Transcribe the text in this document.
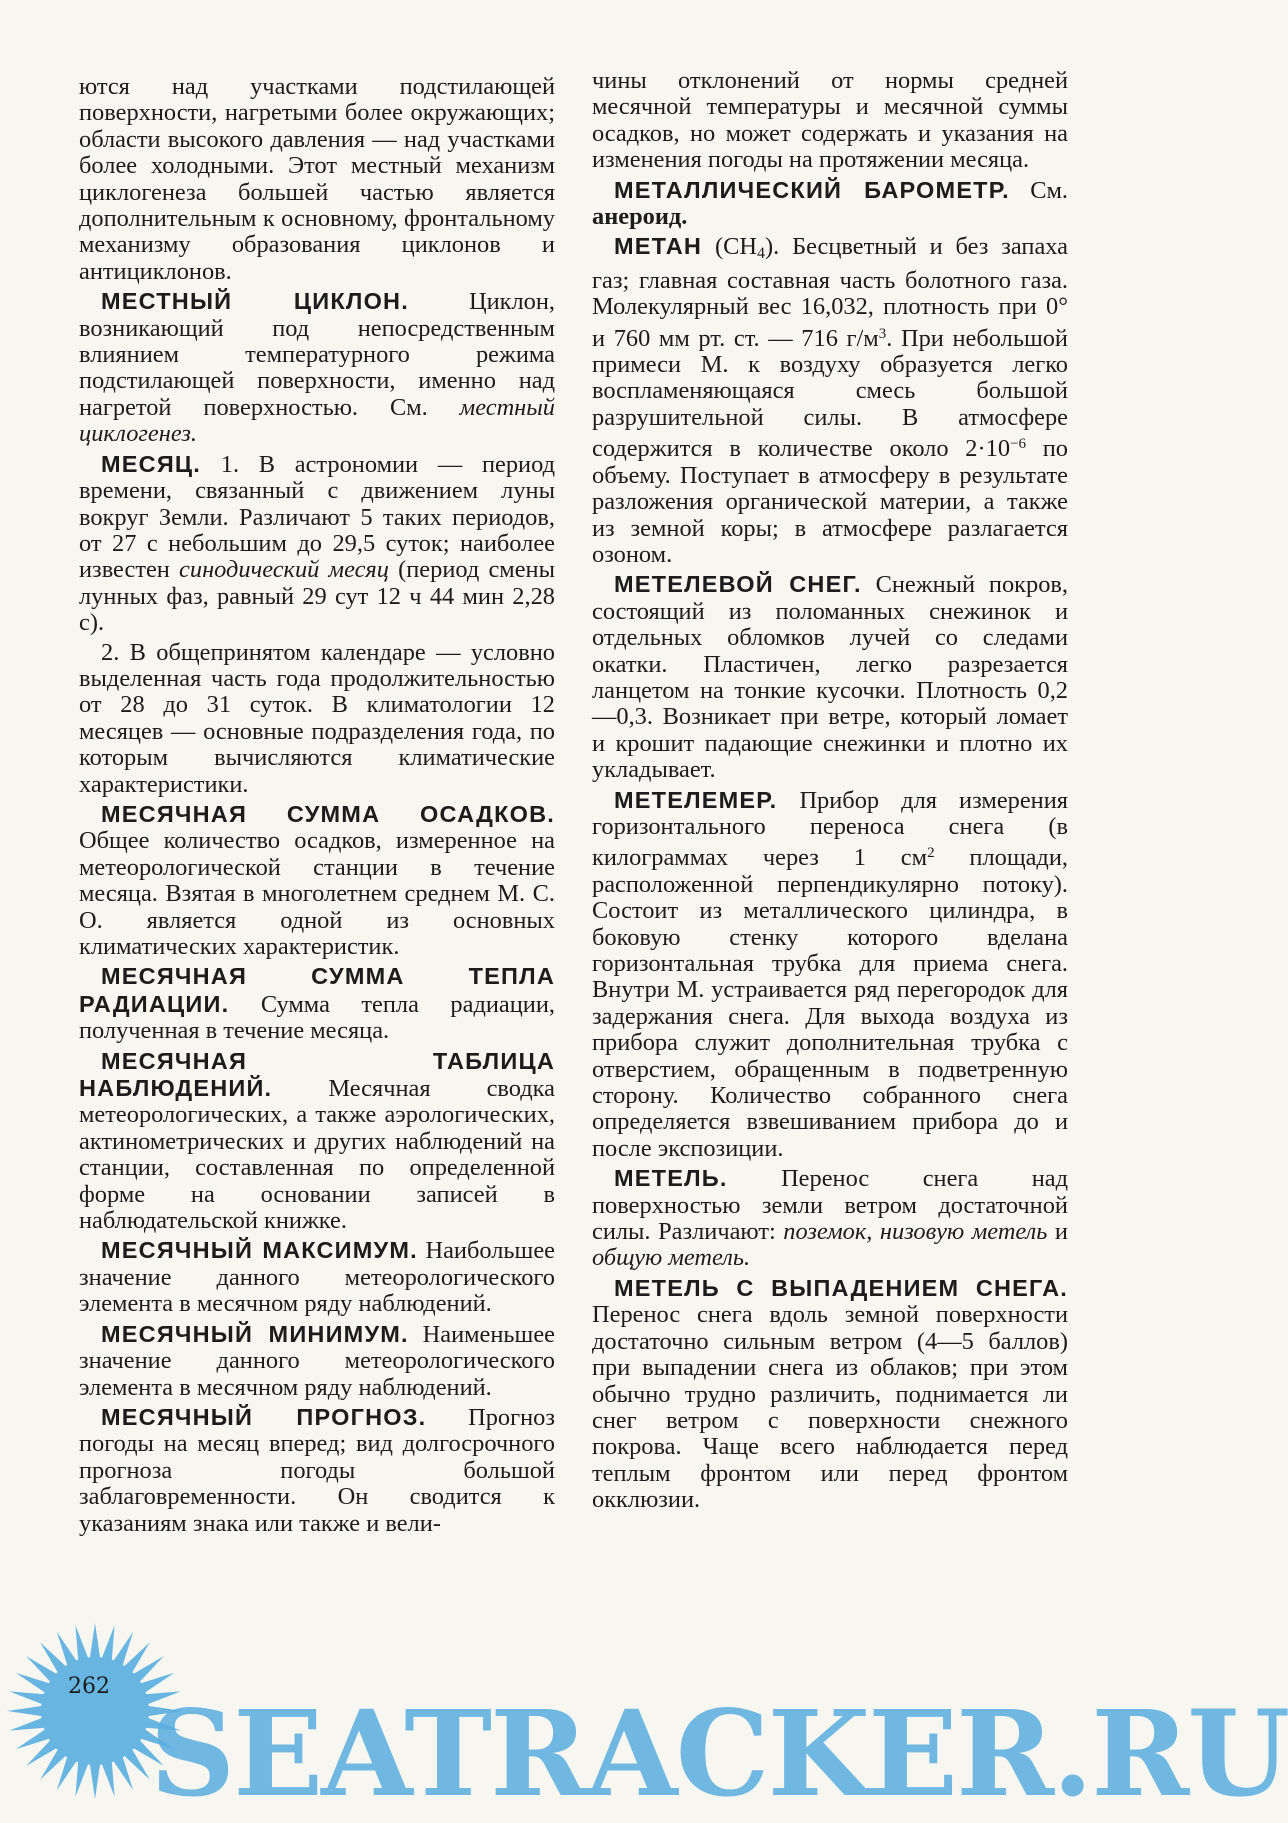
ются над участками подстилающей поверхности, нагретыми более окружающих; области высокого давления — над участками более холодными. Этот местный механизм циклогенеза большей частью является дополнительным к основному, фронтальному механизму образования циклонов и антициклонов.

МЕСТНЫЙ ЦИКЛОН. Циклон, возникающий под непосредственным влиянием температурного режима подстилающей поверхности, именно над нагретой поверхностью. См. местный циклогенез.

МЕСЯЦ. 1. В астрономии — период времени, связанный с движением луны вокруг Земли. Различают 5 таких периодов, от 27 с небольшим до 29,5 суток; наиболее известен синодический месяц (период смены лунных фаз, равный 29 сут 12 ч 44 мин 2,28 с).

2. В общепринятом календаре — условно выделенная часть года продолжительностью от 28 до 31 суток. В климатологии 12 месяцев — основные подразделения года, по которым вычисляются климатические характеристики.

МЕСЯЧНАЯ СУММА ОСАДКОВ. Общее количество осадков, измеренное на метеорологической станции в течение месяца. Взятая в многолетнем среднем М. С. О. является одной из основных климатических характеристик.

МЕСЯЧНАЯ СУММА ТЕПЛА РАДИАЦИИ. Сумма тепла радиации, полученная в течение месяца.

МЕСЯЧНАЯ ТАБЛИЦА НАБЛЮДЕНИЙ. Месячная сводка метеорологических, а также аэрологических, актинометрических и других наблюдений на станции, составленная по определенной форме на основании записей в наблюдательской книжке.

МЕСЯЧНЫЙ МАКСИМУМ. Наибольшее значение данного метеорологического элемента в месячном ряду наблюдений.

МЕСЯЧНЫЙ МИНИМУМ. Наименьшее значение данного метеорологического элемента в месячном ряду наблюдений.

МЕСЯЧНЫЙ ПРОГНОЗ. Прогноз погоды на месяц вперед; вид долгосрочного прогноза погоды большой заблаговременности. Он сводится к указаниям знака или также и вели-

чины отклонений от нормы средней месячной температуры и месячной суммы осадков, но может содержать и указания на изменения погоды на протяжении месяца.

МЕТАЛЛИЧЕСКИЙ БАРОМЕТР. См. анероид.

МЕТАН $(CH_4)$. Бесцветный и без запаха газ; главная составная часть болотного газа. Молекулярный вес 16,032, плотность при 0° и 760 мм рт. ст. — 716 $г/м^3$. При небольшой примеси М. к воздуху образуется легко воспламеняющаяся смесь большой разрушительной силы. В атмосфере содержится в количестве около $2\cdot 10^{-6}$ по объему. Поступает в атмосферу в результате разложения органической материи, а также из земной коры; в атмосфере разлагается озоном.

МЕТЕЛЕВОЙ СНЕГ. Снежный покров, состоящий из поломанных снежинок и отдельных обломков лучей со следами окатки. Пластичен, легко разрезается ланцетом на тонкие кусочки. Плотность 0,2—0,3. Возникает при ветре, который ломает и крошит падающие снежинки и плотно их укладывает.

МЕТЕЛЕМЕР. Прибор для измерения горизонтального переноса снега (в килограммах через 1 $см^2$ площади, расположенной перпендикулярно потоку). Состоит из металлического цилиндра, в боковую стенку которого вделана горизонтальная трубка для приема снега. Внутри М. устраивается ряд перегородок для задержания снега. Для выхода воздуха из прибора служит дополнительная трубка с отверстием, обращенным в подветренную сторону. Количество собранного снега определяется взвешиванием прибора до и после экспозиции.

МЕТЕЛЬ. Перенос снега над поверхностью земли ветром достаточной силы. Различают: поземок, низовую метель и общую метель.

МЕТЕЛЬ С ВЫПАДЕНИЕМ СНЕГА. Перенос снега вдоль земной поверхности достаточно сильным ветром (4—5 баллов) при выпадении снега из облаков; при этом обычно трудно различить, поднимается ли снег ветром с поверхности снежного покрова. Чаще всего наблюдается перед теплым фронтом или перед фронтом окклюзии.

262 SEATRACKER.RU
